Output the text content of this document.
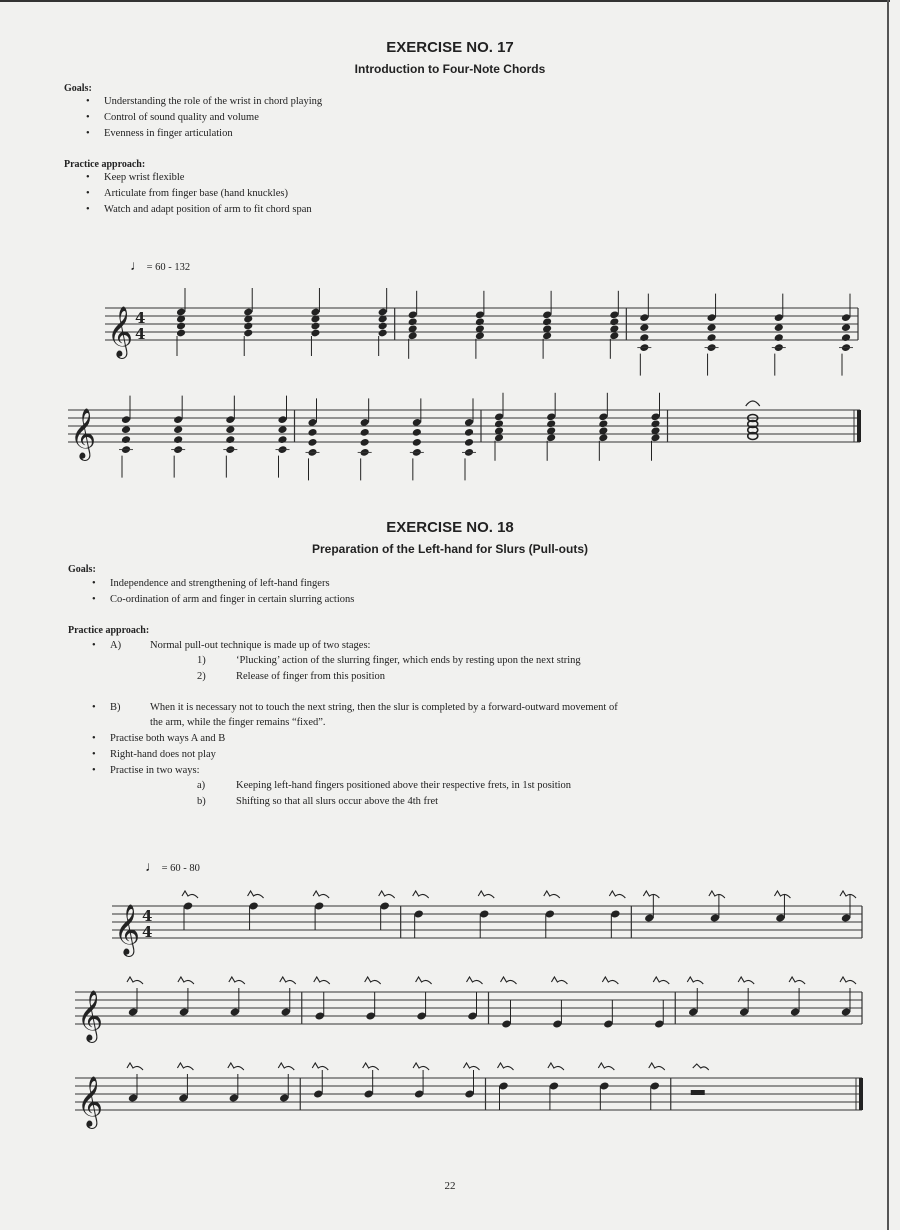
EXERCISE NO. 17
Introduction to Four-Note Chords
Goals:
• Understanding the role of the wrist in chord playing
• Control of sound quality and volume
• Evenness in finger articulation
Practice approach:
• Keep wrist flexible
• Articulate from finger base (hand knuckles)
• Watch and adapt position of arm to fit chord span
♩ = 60 - 132
𝄞 4
4
𝄞
EXERCISE NO. 18
Preparation of the Left-hand for Slurs (Pull-outs)
Goals:
• Independence and strengthening of left-hand fingers
• Co-ordination of arm and finger in certain slurring actions
Practice approach:
• A)	Normal pull-out technique is made up of two stages:
1)	‘Plucking’ action of the slurring finger, which ends by resting upon the next string
2)	Release of finger from this position
• B)	When it is necessary not to touch the next string, then the slur is completed by a forward-outward movement of
the arm, while the finger remains “fixed”.
• Practise both ways A and B
• Right-hand does not play
• Practise in two ways:
a)	Keeping left-hand fingers positioned above their respective frets, in 1st position
b)	Shifting so that all slurs occur above the 4th fret
♩ = 60 - 80
𝄞 4
4
𝄞
𝄞
22
